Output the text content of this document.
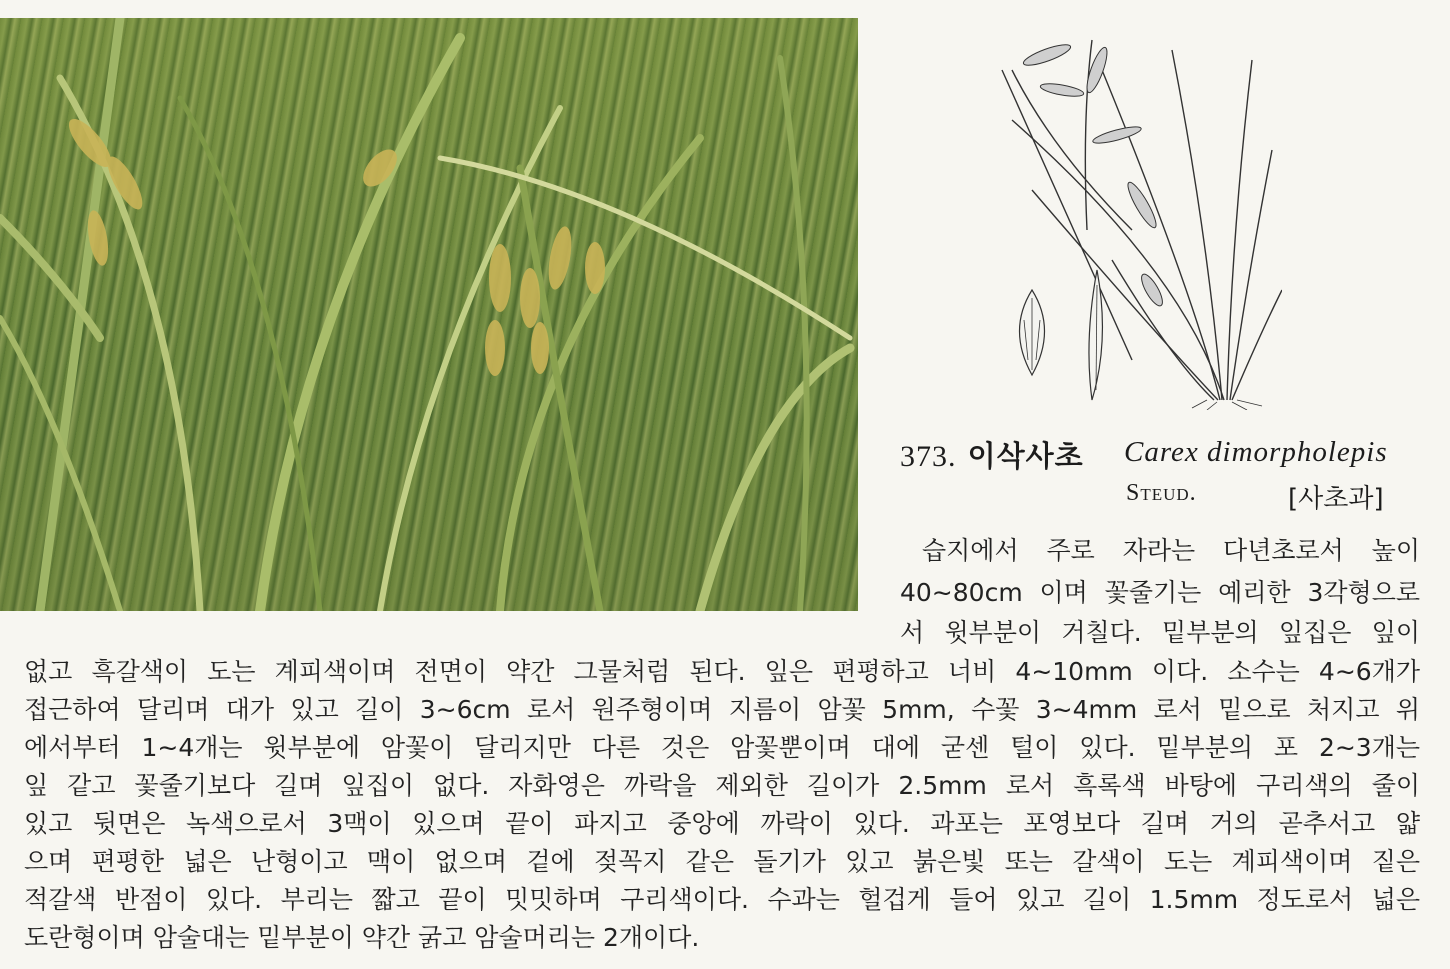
373. 이삭사초 Carex dimorpholepis
Steud.	[사초과]
습지에서 주로 자라는 다년초로서 높이
40∼80cm 이며 꽃줄기는 예리한 3각형으로
서 윗부분이 거칠다. 밑부분의 잎집은 잎이
없고 흑갈색이 도는 계피색이며 전면이 약간 그물처럼 된다. 잎은 편평하고 너비 4∼10mm 이다. 소수는 4∼6개가
접근하여 달리며 대가 있고 길이 3∼6cm 로서 원주형이며 지름이 암꽃 5mm, 수꽃 3∼4mm 로서 밑으로 처지고 위
에서부터 1∼4개는 윗부분에 암꽃이 달리지만 다른 것은 암꽃뿐이며 대에 굳센 털이 있다. 밑부분의 포 2∼3개는
잎 같고 꽃줄기보다 길며 잎집이 없다. 자화영은 까락을 제외한 길이가 2.5mm 로서 흑록색 바탕에 구리색의 줄이
있고 뒷면은 녹색으로서 3맥이 있으며 끝이 파지고 중앙에 까락이 있다. 과포는 포영보다 길며 거의 곧추서고 얇
으며 편평한 넓은 난형이고 맥이 없으며 겉에 젖꼭지 같은 돌기가 있고 붉은빛 또는 갈색이 도는 계피색이며 짙은
적갈색 반점이 있다. 부리는 짧고 끝이 밋밋하며 구리색이다. 수과는 헐겁게 들어 있고 길이 1.5mm 정도로서 넓은
도란형이며 암술대는 밑부분이 약간 굵고 암술머리는 2개이다.
